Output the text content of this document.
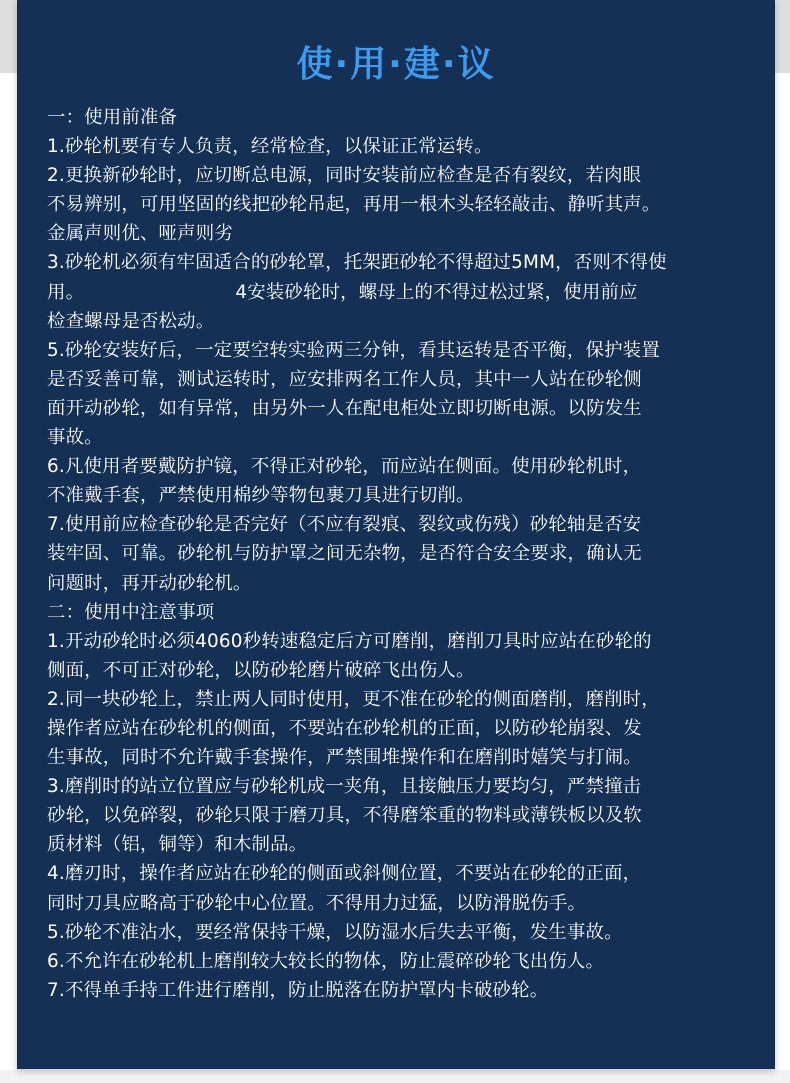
使·用·建·议
一：使用前准备
1.砂轮机要有专人负责，经常检查，以保证正常运转。
2.更换新砂轮时，应切断总电源，同时安装前应检查是否有裂纹，若肉眼
不易辨别，可用坚固的线把砂轮吊起，再用一根木头轻轻敲击、静听其声。
金属声则优、哑声则劣
3.砂轮机必须有牢固适合的砂轮罩，托架距砂轮不得超过5MM，否则不得使
用。                         4安装砂轮时，螺母上的不得过松过紧，使用前应
检查螺母是否松动。
5.砂轮安装好后，一定要空转实验两三分钟，看其运转是否平衡，保护装置
是否妥善可靠，测试运转时，应安排两名工作人员，其中一人站在砂轮侧
面开动砂轮，如有异常，由另外一人在配电柜处立即切断电源。以防发生
事故。
6.凡使用者要戴防护镜，不得正对砂轮，而应站在侧面。使用砂轮机时，
不准戴手套，严禁使用棉纱等物包裹刀具进行切削。
7.使用前应检查砂轮是否完好（不应有裂痕、裂纹或伤残）砂轮轴是否安
装牢固、可靠。砂轮机与防护罩之间无杂物，是否符合安全要求，确认无
问题时，再开动砂轮机。
二：使用中注意事项
1.开动砂轮时必须4060秒转速稳定后方可磨削，磨削刀具时应站在砂轮的
侧面，不可正对砂轮，以防砂轮磨片破碎飞出伤人。
2.同一块砂轮上，禁止两人同时使用，更不准在砂轮的侧面磨削，磨削时，
操作者应站在砂轮机的侧面，不要站在砂轮机的正面，以防砂轮崩裂、发
生事故，同时不允许戴手套操作，严禁围堆操作和在磨削时嬉笑与打闹。
3.磨削时的站立位置应与砂轮机成一夹角，且接触压力要均匀，严禁撞击
砂轮，以免碎裂，砂轮只限于磨刀具，不得磨笨重的物料或薄铁板以及软
质材料（铝，铜等）和木制品。
4.磨刃时，操作者应站在砂轮的侧面或斜侧位置，不要站在砂轮的正面，
同时刀具应略高于砂轮中心位置。不得用力过猛，以防滑脱伤手。
5.砂轮不准沾水，要经常保持干燥，以防湿水后失去平衡，发生事故。
6.不允许在砂轮机上磨削较大较长的物体，防止震碎砂轮飞出伤人。
7.不得单手持工件进行磨削，防止脱落在防护罩内卡破砂轮。
